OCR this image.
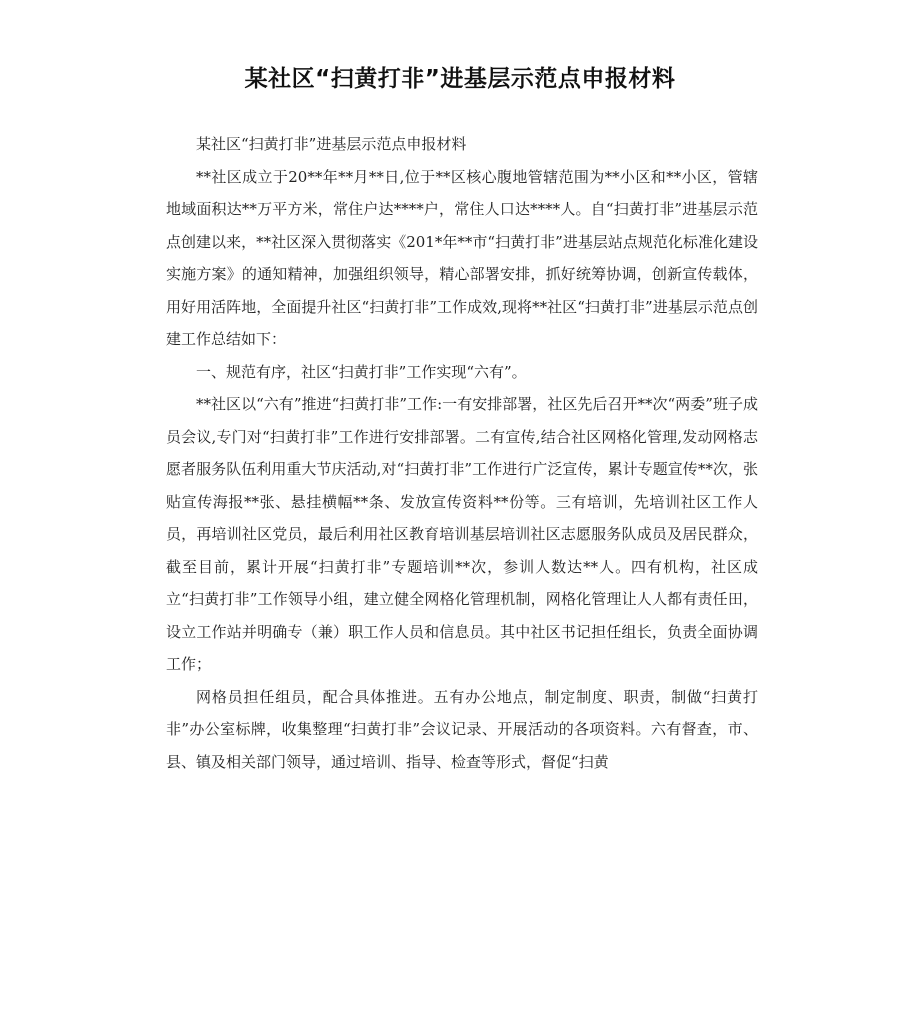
某社区“扫黄打非”进基层示范点申报材料

某社区“扫黄打非”进基层示范点申报材料

**社区成立于20**年**月**日,位于**区核心腹地管辖范围为**小区和**小区，管辖地域面积达**万平方米，常住户达****户，常住人口达****人。自“扫黄打非”进基层示范点创建以来，**社区深入贯彻落实《201*年**市“扫黄打非”进基层站点规范化标准化建设实施方案》的通知精神，加强组织领导，精心部署安排，抓好统筹协调，创新宣传载体，用好用活阵地，全面提升社区“扫黄打非”工作成效,现将**社区“扫黄打非”进基层示范点创建工作总结如下：

一、规范有序，社区“扫黄打非”工作实现“六有”。

**社区以“六有”推进“扫黄打非”工作:一有安排部署，社区先后召开**次“两委”班子成员会议,专门对“扫黄打非”工作进行安排部署。二有宣传,结合社区网格化管理,发动网格志愿者服务队伍利用重大节庆活动,对“扫黄打非”工作进行广泛宣传，累计专题宣传**次，张贴宣传海报**张、悬挂横幅**条、发放宣传资料**份等。三有培训，先培训社区工作人员，再培训社区党员，最后利用社区教育培训基层培训社区志愿服务队成员及居民群众，截至目前，累计开展“扫黄打非”专题培训**次，参训人数达**人。四有机构，社区成立“扫黄打非”工作领导小组，建立健全网格化管理机制，网格化管理让人人都有责任田，设立工作站并明确专（兼）职工作人员和信息员。其中社区书记担任组长，负责全面协调工作；

网格员担任组员，配合具体推进。五有办公地点，制定制度、职责，制做“扫黄打非”办公室标牌，收集整理“扫黄打非”会议记录、开展活动的各项资料。六有督查，市、县、镇及相关部门领导，通过培训、指导、检查等形式，督促“扫黄
